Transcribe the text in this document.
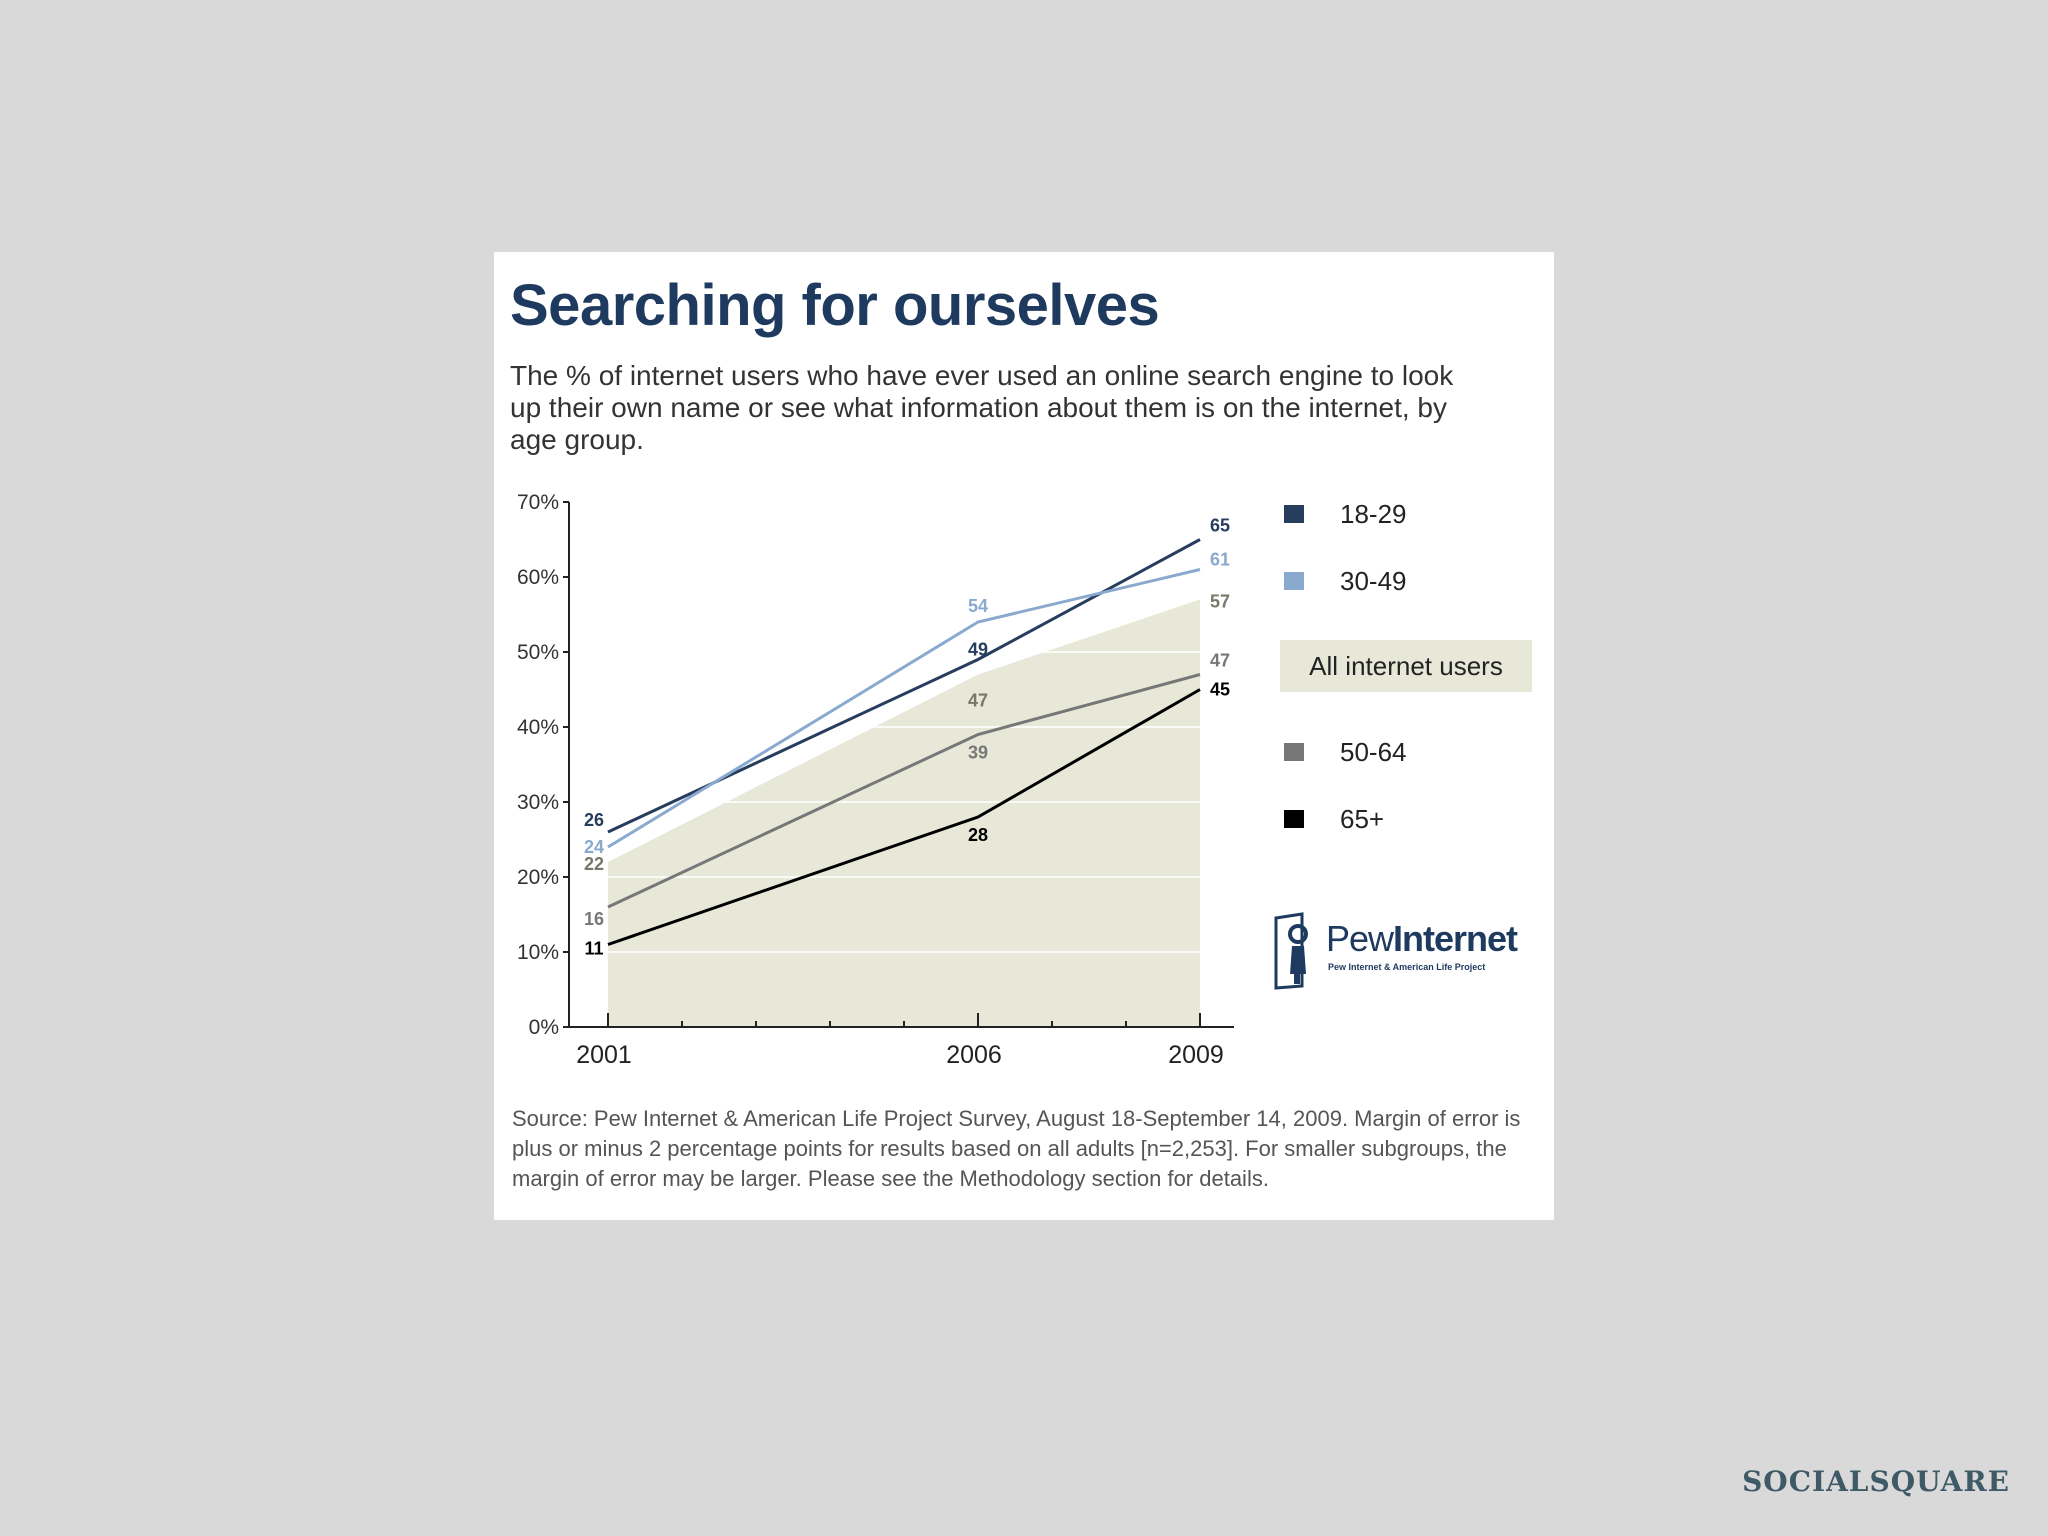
Searching for ourselves
The % of internet users who have ever used an online search engine to look up their own name or see what information about them is on the internet, by age group.
0%
10%
20%
30%
40%
50%
60%
70%
2001	2006	2009
22
47
57
26
49
65
24
54
61
16
39
47
11
28
45
18-29
30-49
All internet users
50-64
65+
PewInternet
Pew Internet & American Life Project
Source: Pew Internet & American Life Project Survey, August 18-September 14, 2009. Margin of error is plus or minus 2 percentage points for results based on all adults [n=2,253]. For smaller subgroups, the margin of error may be larger. Please see the Methodology section for details.
SOCIALSQUARE
